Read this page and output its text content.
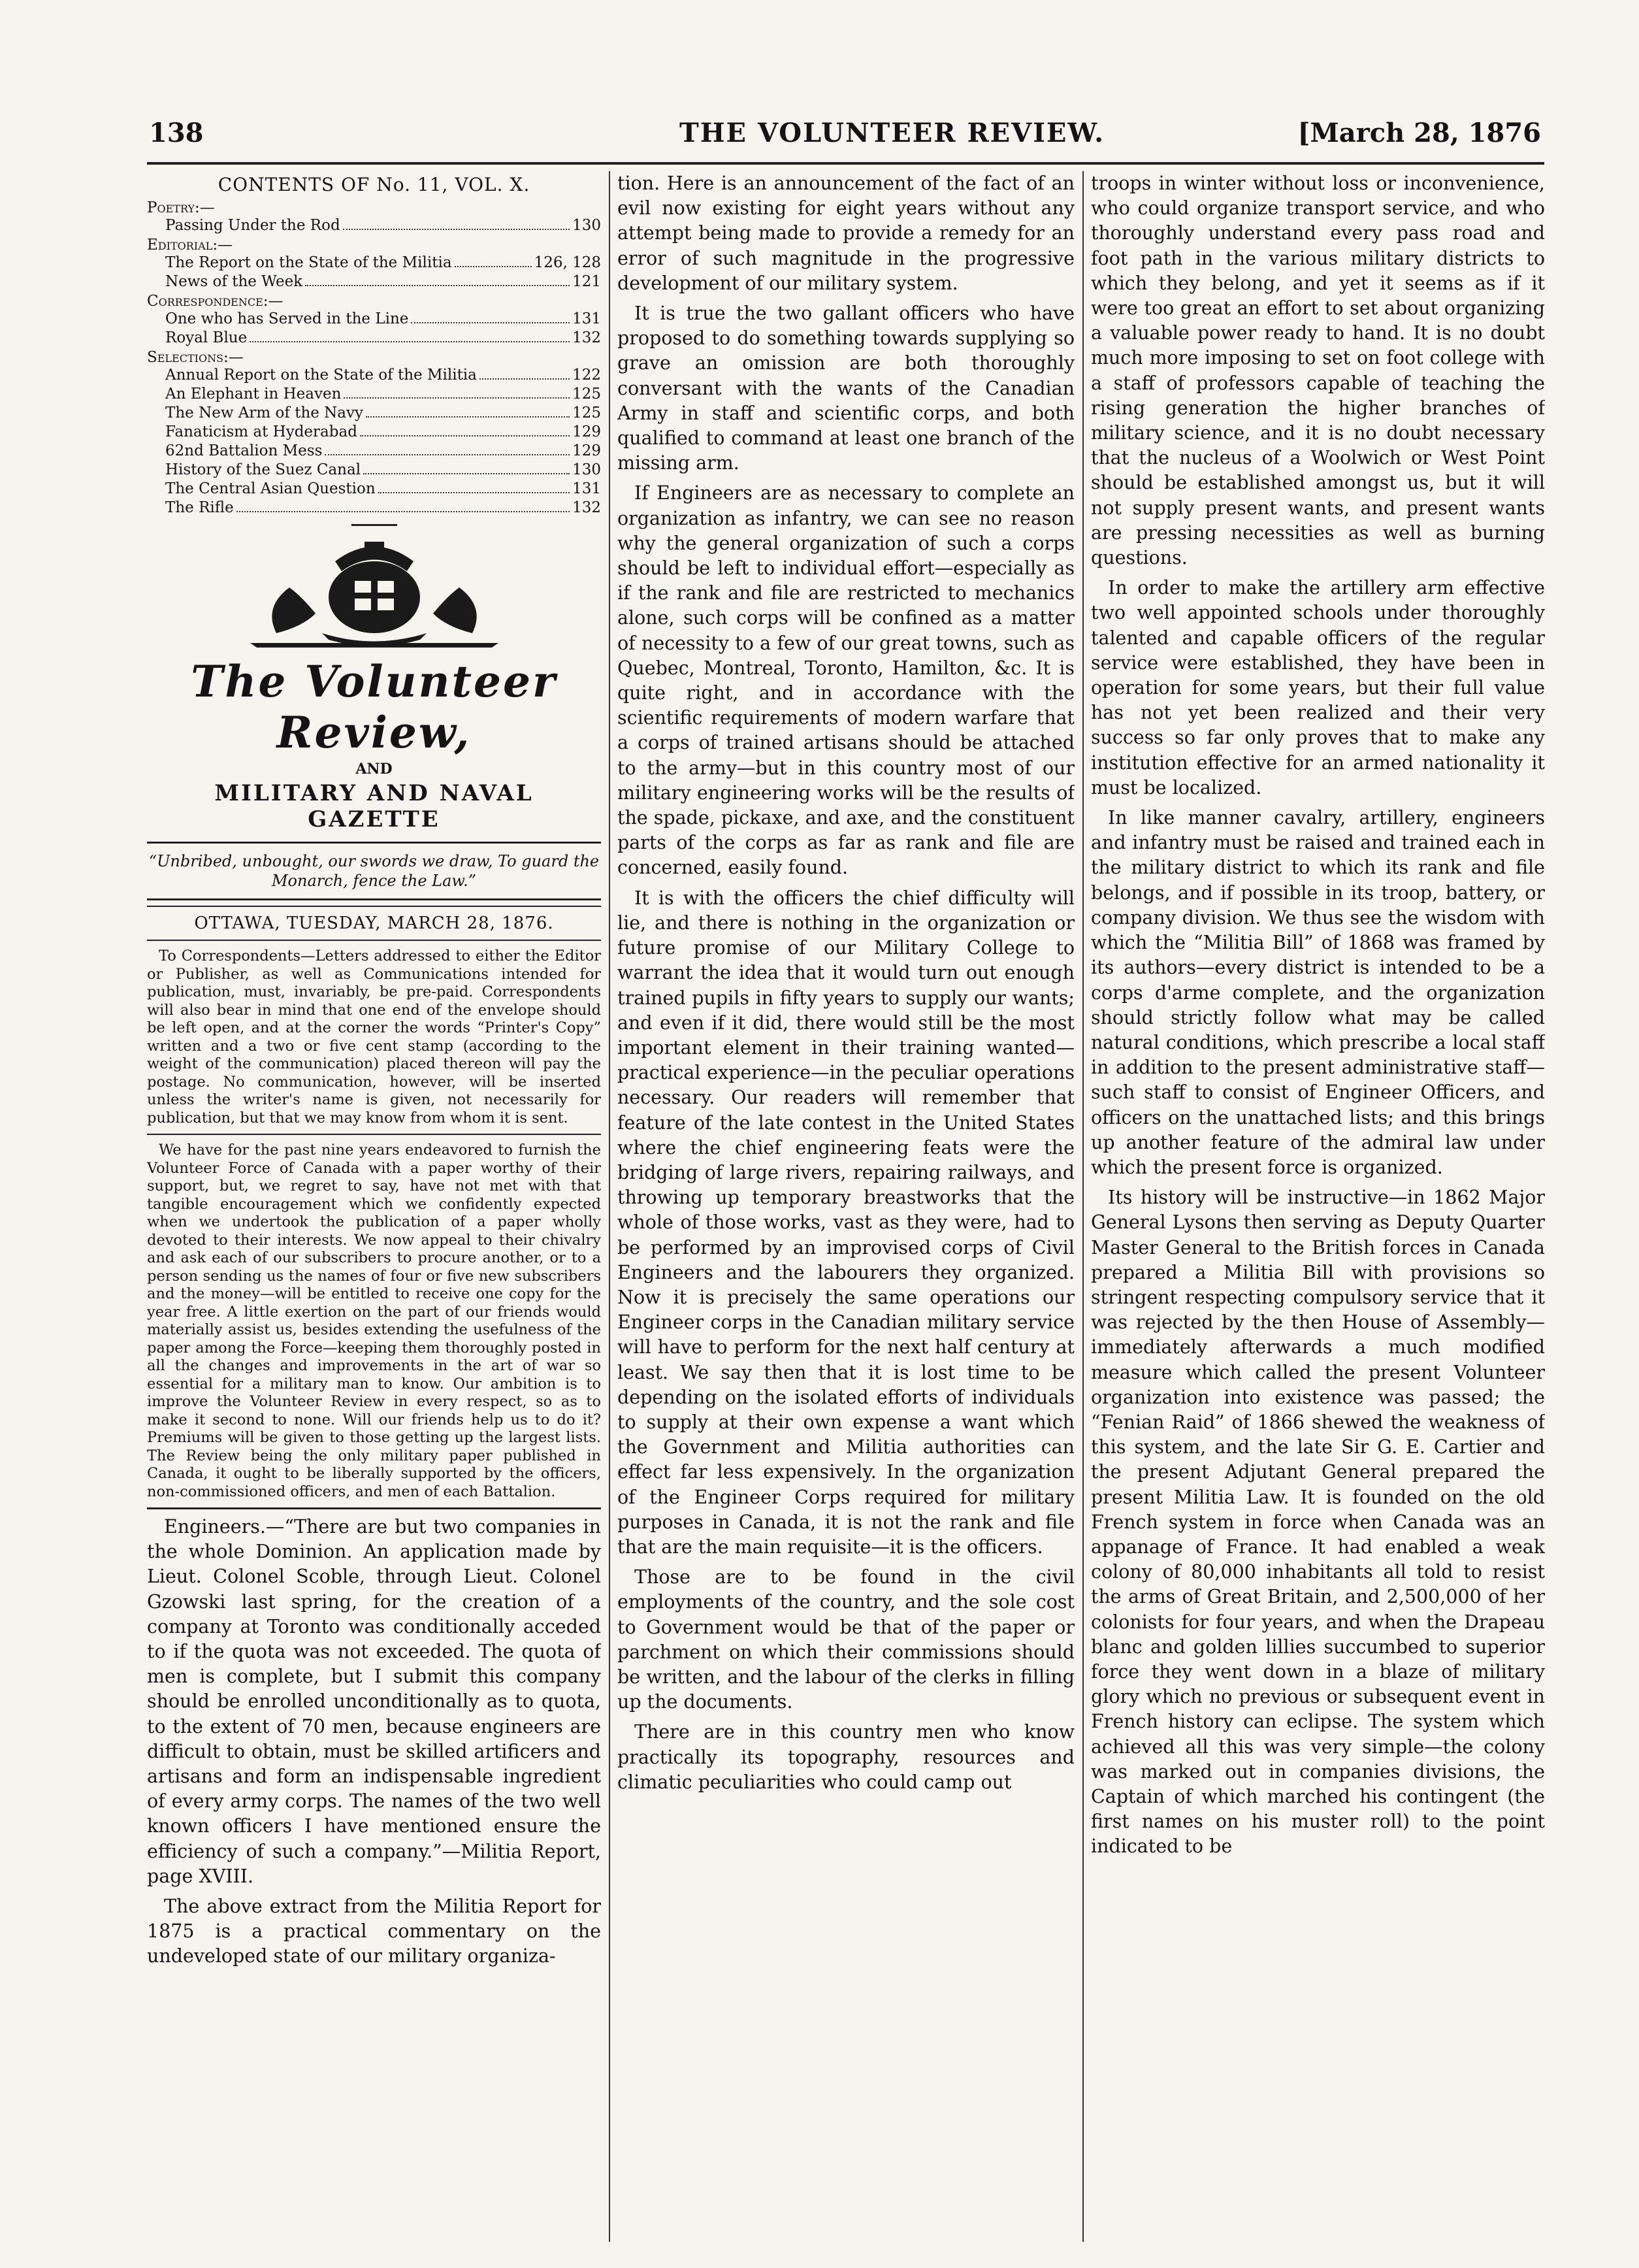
138	THE VOLUNTEER REVIEW.	[March 28, 1876
CONTENTS OF No. 11, VOL. X.
Poetry:—
Passing Under the Rod	130
Editorial:—
The Report on the State of the Militia	126, 128
News of the Week	121
Correspondence:—
One who has Served in the Line	131
Royal Blue	132
Selections:—
Annual Report on the State of the Militia	122
An Elephant in Heaven	125
The New Arm of the Navy	125
Fanaticism at Hyderabad	129
62nd Battalion Mess	129
History of the Suez Canal	130
The Central Asian Question	131
The Rifle	132
The Volunteer Review,
AND
MILITARY AND NAVAL GAZETTE
“Unbribed, unbought, our swords we draw, To guard the Monarch, fence the Law.”
OTTAWA, TUESDAY, MARCH 28, 1876.

To Correspondents—Letters addressed to either the Editor or Publisher, as well as Communications intended for publication, must, invariably, be pre-paid. Correspondents will also bear in mind that one end of the envelope should be left open, and at the corner the words “Printer's Copy” written and a two or five cent stamp (according to the weight of the communication) placed thereon will pay the postage. No communication, however, will be inserted unless the writer's name is given, not necessarily for publication, but that we may know from whom it is sent.

We have for the past nine years endeavored to furnish the Volunteer Force of Canada with a paper worthy of their support, but, we regret to say, have not met with that tangible encouragement which we confidently expected when we undertook the publication of a paper wholly devoted to their interests. We now appeal to their chivalry and ask each of our subscribers to procure another, or to a person sending us the names of four or five new subscribers and the money—will be entitled to receive one copy for the year free. A little exertion on the part of our friends would materially assist us, besides extending the usefulness of the paper among the Force—keeping them thoroughly posted in all the changes and improvements in the art of war so essential for a military man to know. Our ambition is to improve the Volunteer Review in every respect, so as to make it second to none. Will our friends help us to do it? Premiums will be given to those getting up the largest lists. The Review being the only military paper published in Canada, it ought to be liberally supported by the officers, non-commissioned officers, and men of each Battalion.

Engineers.—“There are but two companies in the whole Dominion. An application made by Lieut. Colonel Scoble, through Lieut. Colonel Gzowski last spring, for the creation of a company at Toronto was conditionally acceded to if the quota was not exceeded. The quota of men is complete, but I submit this company should be enrolled unconditionally as to quota, to the extent of 70 men, because engineers are difficult to obtain, must be skilled artificers and artisans and form an indispensable ingredient of every army corps. The names of the two well known officers I have mentioned ensure the efficiency of such a company.”—Militia Report, page XVIII.

The above extract from the Militia Report for 1875 is a practical commentary on the undeveloped state of our military organiza-

tion. Here is an announcement of the fact of an evil now existing for eight years without any attempt being made to provide a remedy for an error of such magnitude in the progressive development of our military system.

It is true the two gallant officers who have proposed to do something towards supplying so grave an omission are both thoroughly conversant with the wants of the Canadian Army in staff and scientific corps, and both qualified to command at least one branch of the missing arm.

If Engineers are as necessary to complete an organization as infantry, we can see no reason why the general organization of such a corps should be left to individual effort—especially as if the rank and file are restricted to mechanics alone, such corps will be confined as a matter of necessity to a few of our great towns, such as Quebec, Montreal, Toronto, Hamilton, &c. It is quite right, and in accordance with the scientific requirements of modern warfare that a corps of trained artisans should be attached to the army—but in this country most of our military engineering works will be the results of the spade, pickaxe, and axe, and the constituent parts of the corps as far as rank and file are concerned, easily found.

It is with the officers the chief difficulty will lie, and there is nothing in the organization or future promise of our Military College to warrant the idea that it would turn out enough trained pupils in fifty years to supply our wants; and even if it did, there would still be the most important element in their training wanted—practical experience—in the peculiar operations necessary. Our readers will remember that feature of the late contest in the United States where the chief engineering feats were the bridging of large rivers, repairing railways, and throwing up temporary breastworks that the whole of those works, vast as they were, had to be performed by an improvised corps of Civil Engineers and the labourers they organized. Now it is precisely the same operations our Engineer corps in the Canadian military service will have to perform for the next half century at least. We say then that it is lost time to be depending on the isolated efforts of individuals to supply at their own expense a want which the Government and Militia authorities can effect far less expensively. In the organization of the Engineer Corps required for military purposes in Canada, it is not the rank and file that are the main requisite—it is the officers.

Those are to be found in the civil employments of the country, and the sole cost to Government would be that of the paper or parchment on which their commissions should be written, and the labour of the clerks in filling up the documents.

There are in this country men who know practically its topography, resources and climatic peculiarities who could camp out

troops in winter without loss or inconvenience, who could organize transport service, and who thoroughly understand every pass road and foot path in the various military districts to which they belong, and yet it seems as if it were too great an effort to set about organizing a valuable power ready to hand. It is no doubt much more imposing to set on foot college with a staff of professors capable of teaching the rising generation the higher branches of military science, and it is no doubt necessary that the nucleus of a Woolwich or West Point should be established amongst us, but it will not supply present wants, and present wants are pressing necessities as well as burning questions.

In order to make the artillery arm effective two well appointed schools under thoroughly talented and capable officers of the regular service were established, they have been in operation for some years, but their full value has not yet been realized and their very success so far only proves that to make any institution effective for an armed nationality it must be localized.

In like manner cavalry, artillery, engineers and infantry must be raised and trained each in the military district to which its rank and file belongs, and if possible in its troop, battery, or company division. We thus see the wisdom with which the “Militia Bill” of 1868 was framed by its authors—every district is intended to be a corps d'arme complete, and the organization should strictly follow what may be called natural conditions, which prescribe a local staff in addition to the present administrative staff—such staff to consist of Engineer Officers, and officers on the unattached lists; and this brings up another feature of the admiral law under which the present force is organized.

Its history will be instructive—in 1862 Major General Lysons then serving as Deputy Quarter Master General to the British forces in Canada prepared a Militia Bill with provisions so stringent respecting compulsory service that it was rejected by the then House of Assembly—immediately afterwards a much modified measure which called the present Volunteer organization into existence was passed; the “Fenian Raid” of 1866 shewed the weakness of this system, and the late Sir G. E. Cartier and the present Adjutant General prepared the present Militia Law. It is founded on the old French system in force when Canada was an appanage of France. It had enabled a weak colony of 80,000 inhabitants all told to resist the arms of Great Britain, and 2,500,000 of her colonists for four years, and when the Drapeau blanc and golden lillies succumbed to superior force they went down in a blaze of military glory which no previous or subsequent event in French history can eclipse. The system which achieved all this was very simple—the colony was marked out in companies divisions, the Captain of which marched his contingent (the first names on his muster roll) to the point indicated to be
